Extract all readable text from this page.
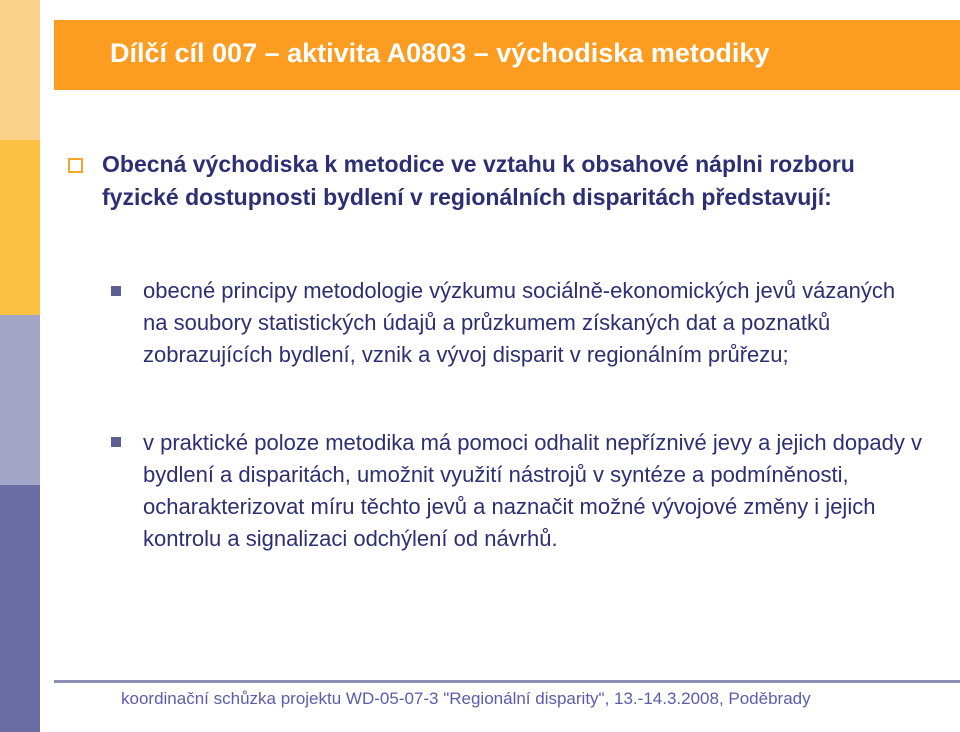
Dílčí cíl 007 – aktivita A0803 – východiska metodiky
Obecná východiska k metodice ve vztahu k obsahové náplni rozboru fyzické dostupnosti bydlení v regionálních disparitách představují:
obecné principy metodologie výzkumu sociálně-ekonomických jevů vázaných na soubory statistických údajů a průzkumem získaných dat a poznatků zobrazujících bydlení, vznik a vývoj disparit v regionálním průřezu;
v praktické poloze metodika má pomoci odhalit nepříznivé jevy a jejich dopady v bydlení a disparitách, umožnit využití nástrojů v syntéze a podmíněnosti, ocharakterizovat míru těchto jevů a naznačit možné vývojové změny i jejich kontrolu a signalizaci odchýlení od návrhů.
koordinační schůzka projektu WD-05-07-3 "Regionální disparity", 13.-14.3.2008, Poděbrady
